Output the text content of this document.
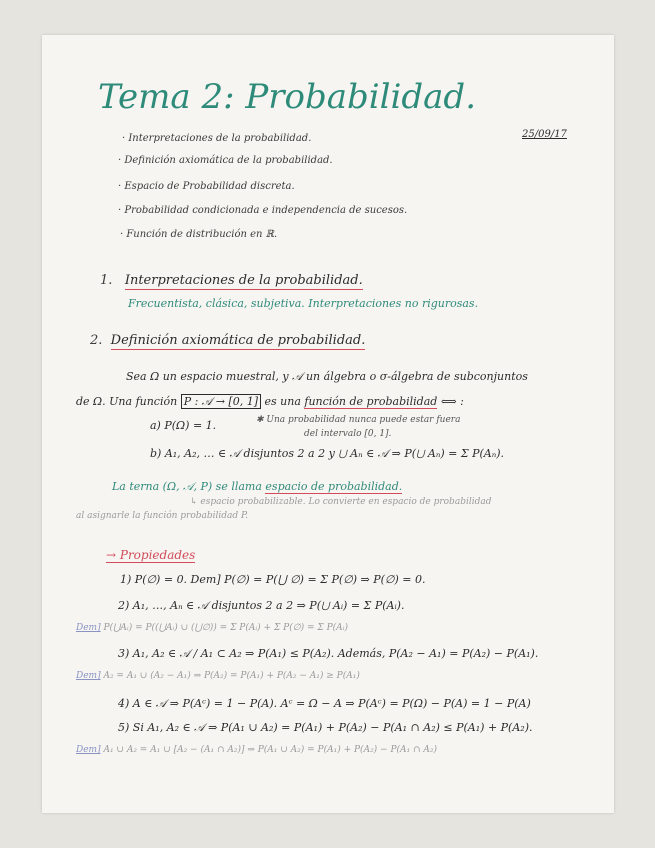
Tema 2: Probabilidad.
25/09/17
· Interpretaciones de la probabilidad.
· Definición axiomática de la probabilidad.
· Espacio de Probabilidad discreta.
· Probabilidad condicionada e independencia de sucesos.
· Función de distribución en ℝ.
1. Interpretaciones de la probabilidad.
Frecuentista, clásica, subjetiva. Interpretaciones no rigurosas.
2. Definición axiomática de probabilidad.
Sea Ω un espacio muestral, y 𝒜 un álgebra o σ-álgebra de subconjuntos
de Ω. Una función P : 𝒜 → [0, 1] es una función de probabilidad ⟺ :
a) P(Ω) = 1.	✱ Una probabilidad nunca puede estar fuera
del intervalo [0, 1].
b) A₁, A₂, … ∈ 𝒜 disjuntos 2 a 2 y ⋃ Aₙ ∈ 𝒜 ⇒ P(⋃ Aₙ) = Σ P(Aₙ).
La terna (Ω, 𝒜, P) se llama espacio de probabilidad.
↳ espacio probabilizable. Lo convierte en espacio de probabilidad
al asignarle la función probabilidad P.
→ Propiedades
1) P(∅) = 0. Dem] P(∅) = P(⋃ ∅) = Σ P(∅) ⇒ P(∅) = 0.
2) A₁, …, Aₙ ∈ 𝒜 disjuntos 2 a 2 ⇒ P(⋃ Aᵢ) = Σ P(Aᵢ).
Dem] P(⋃Aᵢ) = P((⋃Aᵢ) ∪ (⋃∅)) = Σ P(Aᵢ) + Σ P(∅) = Σ P(Aᵢ)
3) A₁, A₂ ∈ 𝒜 / A₁ ⊂ A₂ ⇒ P(A₁) ≤ P(A₂). Además, P(A₂ − A₁) = P(A₂) − P(A₁).
Dem] A₂ = A₁ ∪ (A₂ − A₁) ⇒ P(A₂) = P(A₁) + P(A₂ − A₁) ≥ P(A₁)
4) A ∈ 𝒜 ⇒ P(Aᶜ) = 1 − P(A). Aᶜ = Ω − A ⇒ P(Aᶜ) = P(Ω) − P(A) = 1 − P(A)
5) Si A₁, A₂ ∈ 𝒜 ⇒ P(A₁ ∪ A₂) = P(A₁) + P(A₂) − P(A₁ ∩ A₂) ≤ P(A₁) + P(A₂).
Dem] A₁ ∪ A₂ = A₁ ∪ [A₂ − (A₁ ∩ A₂)] ⇒ P(A₁ ∪ A₂) = P(A₁) + P(A₂) − P(A₁ ∩ A₂)
